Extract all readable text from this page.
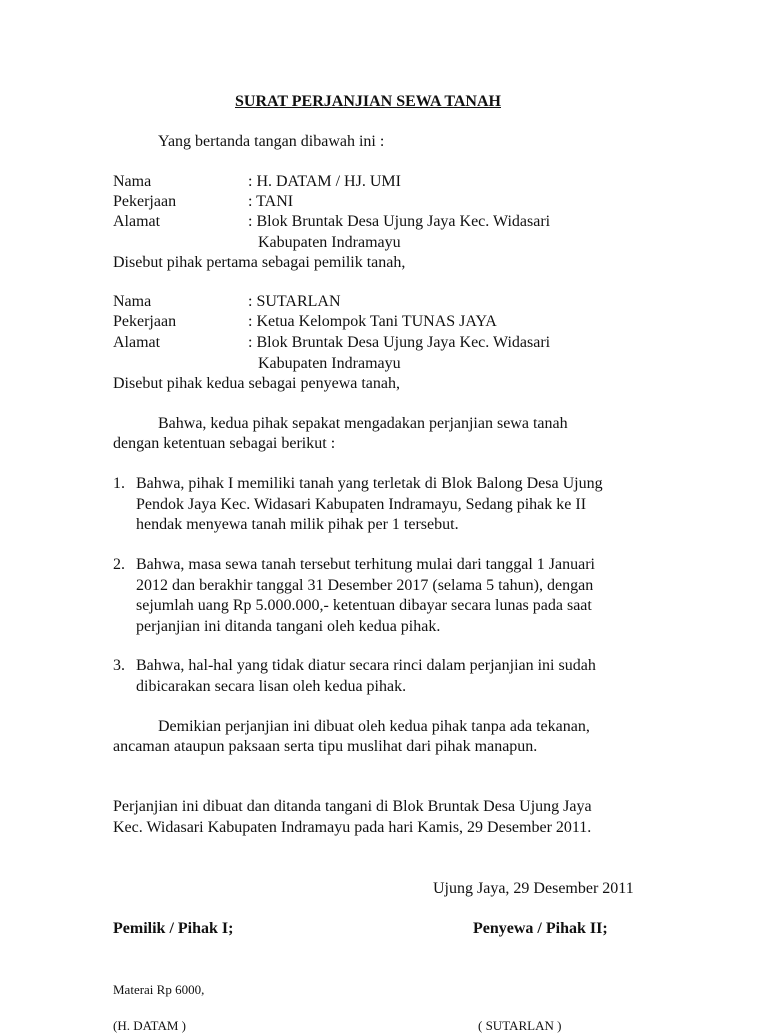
SURAT PERJANJIAN SEWA TANAH
Yang bertanda tangan dibawah ini :
Nama	: H. DATAM / HJ. UMI
Pekerjaan	: TANI
Alamat	: Blok Bruntak Desa Ujung Jaya Kec. Widasari
Kabupaten Indramayu
Disebut pihak pertama sebagai pemilik tanah,
Nama	: SUTARLAN
Pekerjaan	: Ketua Kelompok Tani TUNAS JAYA
Alamat	: Blok Bruntak Desa Ujung Jaya Kec. Widasari
Kabupaten Indramayu
Disebut pihak kedua sebagai penyewa tanah,
Bahwa, kedua pihak sepakat mengadakan perjanjian sewa tanah
dengan ketentuan sebagai berikut :
1. Bahwa, pihak I memiliki tanah yang terletak di Blok Balong Desa Ujung
Pendok Jaya Kec. Widasari Kabupaten Indramayu, Sedang pihak ke II
hendak menyewa tanah milik pihak per 1 tersebut.
2. Bahwa, masa sewa tanah tersebut terhitung mulai dari tanggal 1 Januari
2012 dan berakhir tanggal 31 Desember 2017 (selama 5 tahun), dengan
sejumlah uang Rp 5.000.000,- ketentuan dibayar secara lunas pada saat
perjanjian ini ditanda tangani oleh kedua pihak.
3. Bahwa, hal-hal yang tidak diatur secara rinci dalam perjanjian ini sudah
dibicarakan secara lisan oleh kedua pihak.
Demikian perjanjian ini dibuat oleh kedua pihak tanpa ada tekanan,
ancaman ataupun paksaan serta tipu muslihat dari pihak manapun.
Perjanjian ini dibuat dan ditanda tangani di Blok Bruntak Desa Ujung Jaya
Kec. Widasari Kabupaten Indramayu pada hari Kamis, 29 Desember 2011.
Ujung Jaya, 29 Desember 2011
Pemilik / Pihak I;	Penyewa / Pihak II;
Materai Rp 6000,
(H. DATAM )	( SUTARLAN )
